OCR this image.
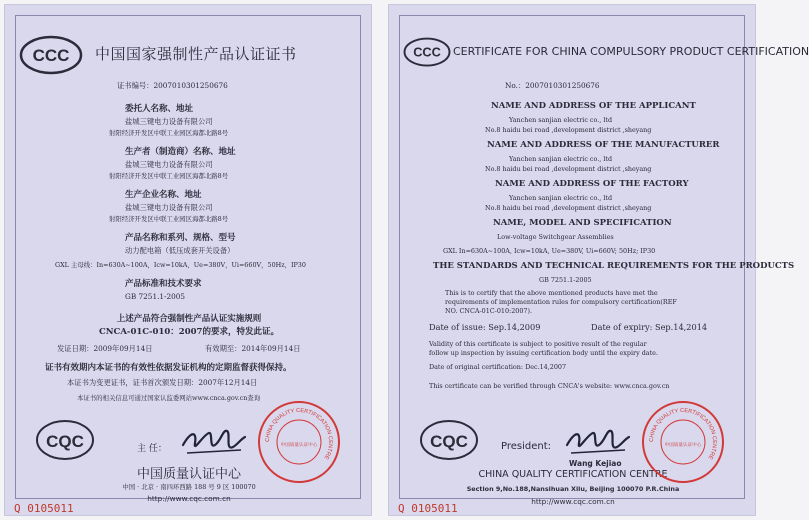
CCC 中国国家强制性产品认证证书
证书编号：2007010301250676
委托人名称、地址
盐城三键电力设备有限公司
射阳经济开发区中联工业园区海都北路8号
生产者（制造商）名称、地址
盐城三键电力设备有限公司
射阳经济开发区中联工业园区海都北路8号
生产企业名称、地址
盐城三键电力设备有限公司
射阳经济开发区中联工业园区海都北路8号
产品名称和系列、规格、型号
动力配电箱（低压成套开关设备）
GXL 主母线：In=630A~100A，Icw=10kA，Ue=380V，Ui=660V，50Hz，IP30
产品标准和技术要求
GB 7251.1-2005
上述产品符合强制性产品认证实施规则
CNCA-01C-010：2007的要求，特发此证。
发证日期：2009年09月14日	有效期至：2014年09月14日
证书有效期内本证书的有效性依据发证机构的定期监督获得保持。
本证书为变更证书，证书首次颁发日期：2007年12月14日
本证书的相关信息可通过国家认监委网站www.cnca.gov.cn查询
CQC	主 任：
中国质量认证中心
中国 · 北京 · 南四环西路 188 号 9 区 100070
http://www.cqc.com.cn
CHINA QUALITY CERTIFICATION CENTRE
中国质量认证中心
Q 0105011
CCC CERTIFICATE FOR CHINA COMPULSORY PRODUCT CERTIFICATION
No.：2007010301250676
NAME AND ADDRESS OF THE APPLICANT
Yanchen sanjian electric co., ltd
No.8 haidu bei road ,development district ,sheyang
NAME AND ADDRESS OF THE MANUFACTURER
Yanchen sanjian electric co., ltd
No.8 haidu bei road ,development district ,sheyang
NAME AND ADDRESS OF THE FACTORY
Yanchen sanjian electric co., ltd
No.8 haidu bei road ,development district ,sheyang
NAME, MODEL AND SPECIFICATION
Low-voltage Switchgear Assemblies
GXL In=630A~100A, Icw=10kA, Ue=380V, Ui=660V; 50Hz; IP30
THE STANDARDS AND TECHNICAL REQUIREMENTS FOR THE PRODUCTS
GB 7251.1-2005
This is to certify that the above mentioned products have met the
requirements of implementation rules for compulsory certification(REF
NO. CNCA-01C-010:2007).
Date of issue: Sep.14,2009	Date of expiry: Sep.14,2014
Validity of this certificate is subject to positive result of the regular
follow up inspection by issuing certification body until the expiry date.
Date of original certification: Dec.14,2007
This certificate can be verified through CNCA's website: www.cnca.gov.cn
CQC	President:
Wang Kejiao
CHINA QUALITY CERTIFICATION CENTRE
Section 9,No.188,Nansihuan Xilu, Beijing 100070 P.R.China
http://www.cqc.com.cn
CHINA QUALITY CERTIFICATION CENTRE
中国质量认证中心
Q 0105011
